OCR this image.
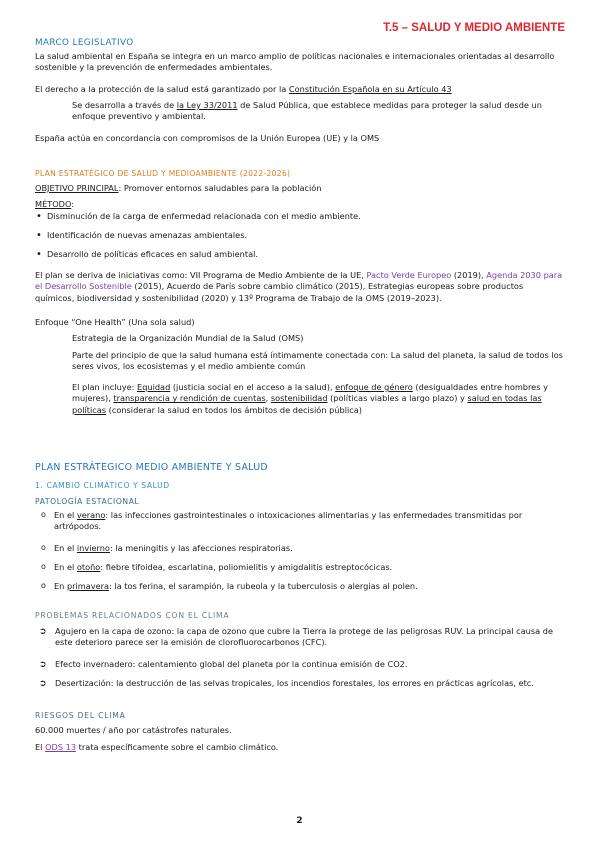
T.5 – SALUD Y MEDIO AMBIENTE
MARCO LEGISLATIVO
La salud ambiental en España se integra en un marco amplio de políticas nacionales e internacionales orientadas al desarrollo sostenible y la prevención de enfermedades ambientales.
El derecho a la protección de la salud está garantizado por la Constitución Española en su Artículo 43
Se desarrolla a través de la Ley 33/2011 de Salud Pública, que establece medidas para proteger la salud desde un enfoque preventivo y ambiental.
España actúa en concordancia con compromisos de la Unión Europea (UE) y la OMS
PLAN ESTRATÉGICO DE SALUD Y MEDIOAMBIENTE (2022-2026)
OBJETIVO PRINCIPAL: Promover entornos saludables para la población
MÉTODO:
• Disminución de la carga de enfermedad relacionada con el medio ambiente.
• Identificación de nuevas amenazas ambientales.
• Desarrollo de políticas eficaces en salud ambiental.
El plan se deriva de iniciativas como: VII Programa de Medio Ambiente de la UE, Pacto Verde Europeo (2019), Agenda 2030 para el Desarrollo Sostenible (2015), Acuerdo de París sobre cambio climático (2015), Estrategias europeas sobre productos químicos, biodiversidad y sostenibilidad (2020) y 13º Programa de Trabajo de la OMS (2019–2023).
Enfoque “One Health” (Una sola salud)
Estrategia de la Organización Mundial de la Salud (OMS)
Parte del principio de que la salud humana está íntimamente conectada con: La salud del planeta, la salud de todos los seres vivos, los ecosistemas y el medio ambiente común
El plan incluye: Equidad (justicia social en el acceso a la salud), enfoque de género (desigualdades entre hombres y mujeres), transparencia y rendición de cuentas, sostenibilidad (políticas viables a largo plazo) y salud en todas las políticas (considerar la salud en todos los ámbitos de decisión pública)
PLAN ESTRÁTEGICO MEDIO AMBIENTE Y SALUD
1. CAMBIO CLIMÁTICO Y SALUD
PATOLOGÍA ESTACIONAL
o En el verano: las infecciones gastrointestinales o intoxicaciones alimentarias y las enfermedades transmitidas por artrópodos.
o En el invierno: la meningitis y las afecciones respiratorias.
o En el otoño: fiebre tifoidea, escarlatina, poliomielitis y amigdalitis estreptocócicas.
o En primavera: la tos ferina, el sarampión, la rubeola y la tuberculosis o alergias al polen.
PROBLEMAS RELACIONADOS CON EL CLIMA
➲ Agujero en la capa de ozono: la capa de ozono que cubre la Tierra la protege de las peligrosas RUV. La principal causa de este deterioro parece ser la emisión de clorofluorocarbonos (CFC).
➲ Efecto invernadero: calentamiento global del planeta por la continua emisión de CO2.
➲ Desertización: la destrucción de las selvas tropicales, los incendios forestales, los errores en prácticas agrícolas, etc.
RIESGOS DEL CLIMA
60.000 muertes / año por catástrofes naturales.
El ODS 13 trata específicamente sobre el cambio climático.
2
